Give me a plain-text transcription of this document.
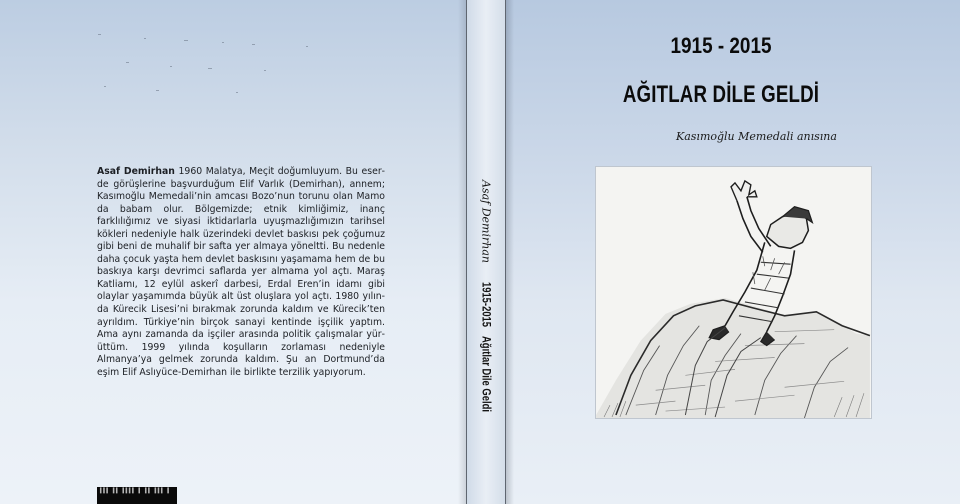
Asaf Demirhan 1960 Malatya, Meçit doğumluyum. Bu eserde görüşlerine başvurduğum Elif Varlık (Demirhan), annem; Kasımoğlu Memedali’nin amcası Bozo’nun torunu olan Mamo da babam olur. Bölgemizde; etnik kimliğimiz, inanç farklılığımız ve siyasi iktidarlarla uyuşmazlığımızın tarihsel kökleri nedeniyle halk üzerindeki devlet baskısı pek çoğumuz gibi beni de muhalif bir safta yer almaya yöneltti. Bu nedenle daha çocuk yaşta hem devlet baskısını yaşamama hem de bu baskıya karşı devrimci saflarda yer almama yol açtı. Maraş Katliamı, 12 eylül askerî darbesi, Erdal Eren’in idamı gibi olaylar yaşamımda büyük alt üst oluşlara yol açtı. 1980 yılında Kürecik Lisesi’ni bırakmak zorunda kaldım ve Kürecik’ten ayrıldım. Türkiye’nin birçok sanayi kentinde işçilik yaptım. Ama aynı zamanda da işçiler arasında politik çalışmalar yürüttüm. 1999 yılında koşulların zorlaması nedeniyle Almanya’ya gelmek zorunda kaldım. Şu an Dortmund’da eşim Elif Aslıyüce-Demirhan ile birlikte terzilik yapıyorum.
▌▌▌ ▌▌ ▌▌▌▌ ▌ ▌▌ ▌▌▌ ▌
Asaf Demirhan
1915-2015
Ağıtlar Dile Geldi
1915 - 2015
AĞITLAR DİLE GELDİ
Kasımoğlu Memedali anısına
